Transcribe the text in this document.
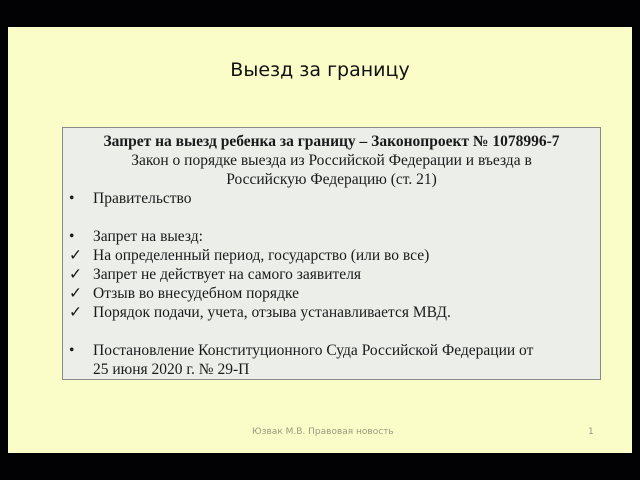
Выезд за границу
Запрет на выезд ребенка за границу – Законопроект № 1078996-7
Закон о порядке выезда из Российской Федерации и въезда в
Российскую Федерацию (ст. 21)
•	Правительство
•	Запрет на выезд:
✓ На определенный период, государство (или во все)
✓ Запрет не действует на самого заявителя
✓ Отзыв во внесудебном порядке
✓ Порядок подачи, учета, отзыва устанавливается МВД.
•	Постановление Конституционного Суда Российской Федерации от
25 июня 2020 г. № 29-П
Юзвак М.В. Правовая новость	1
